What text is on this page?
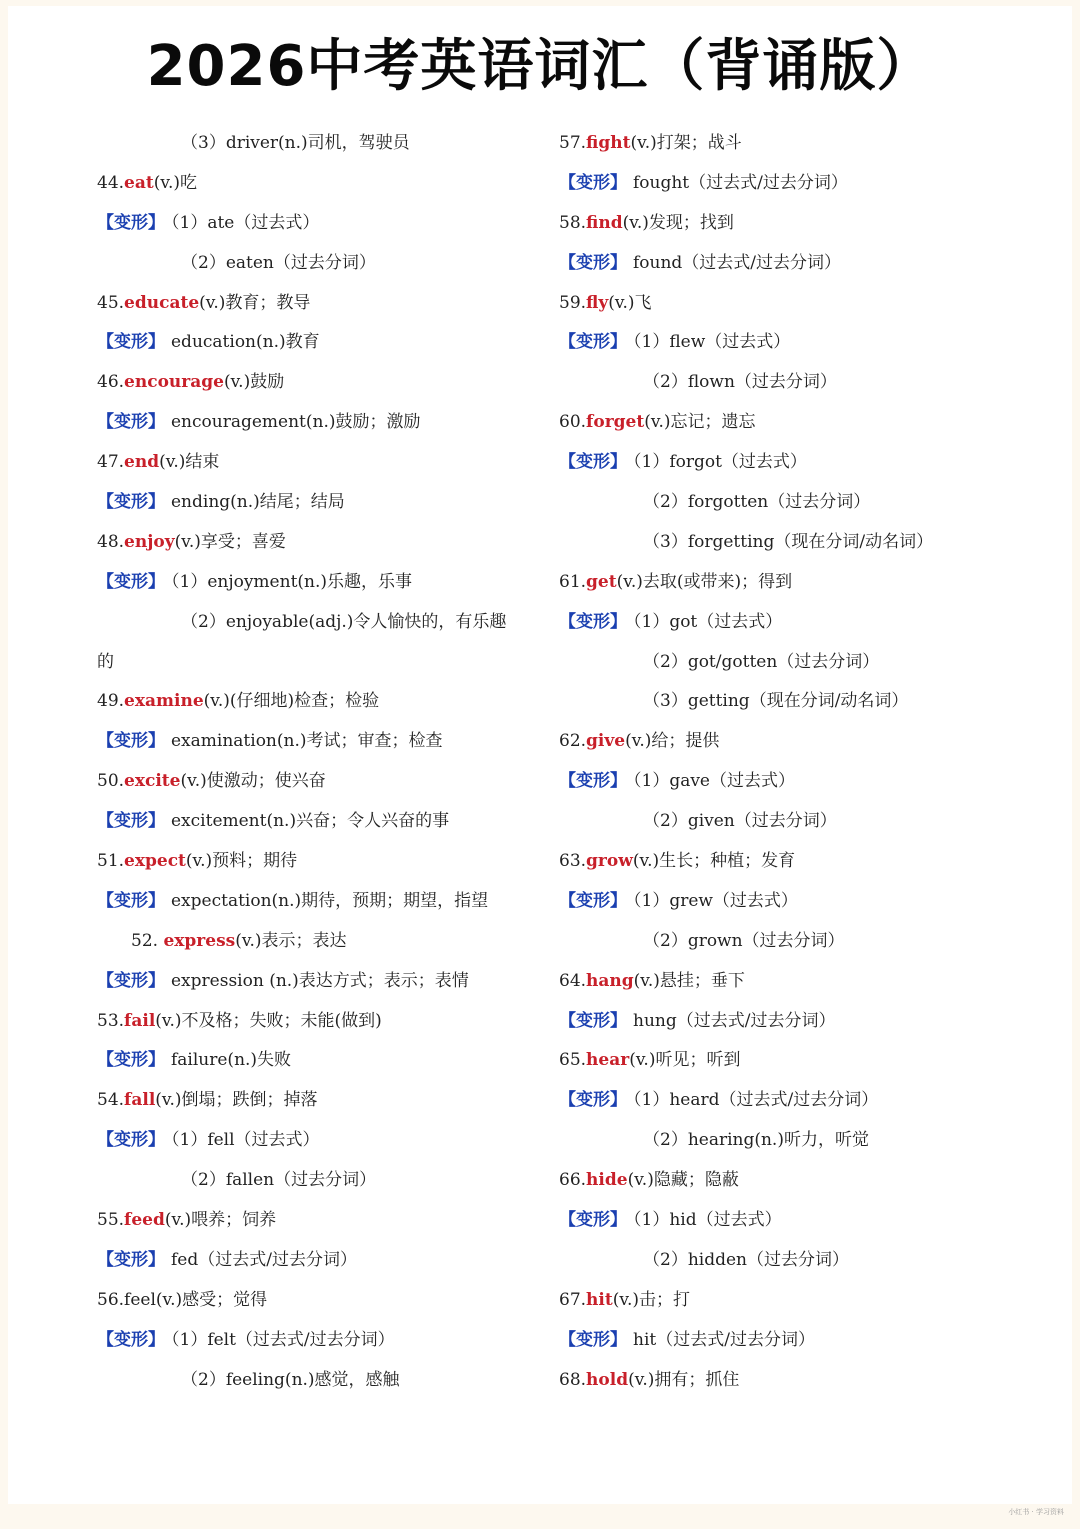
2026中考英语词汇（背诵版）
（3）driver(n.)司机，驾驶员
44.eat(v.)吃
【变形】 （1）ate（过去式）
（2）eaten（过去分词）
45.educate(v.)教育；教导
【变形】 education(n.)教育
46.encourage(v.)鼓励
【变形】 encouragement(n.)鼓励；激励
47.end(v.)结束
【变形】 ending(n.)结尾；结局
48.enjoy(v.)享受；喜爱
【变形】 （1）enjoyment(n.)乐趣，乐事
（2）enjoyable(adj.)令人愉快的，有乐趣
的
49.examine(v.)(仔细地)检查；检验
【变形】 examination(n.)考试；审查；检查
50.excite(v.)使激动；使兴奋
【变形】 excitement(n.)兴奋；令人兴奋的事
51.expect(v.)预料；期待
【变形】 expectation(n.)期待，预期；期望，指望
52. express(v.)表示；表达
【变形】 expression (n.)表达方式；表示；表情
53.fail(v.)不及格；失败；未能(做到)
【变形】 failure(n.)失败
54.fall(v.)倒塌；跌倒；掉落
【变形】 （1）fell（过去式）
（2）fallen（过去分词）
55.feed(v.)喂养；饲养
【变形】 fed（过去式/过去分词）
56.feel(v.)感受；觉得
【变形】 （1）felt（过去式/过去分词）
（2）feeling(n.)感觉，感触
57.fight(v.)打架；战斗
【变形】 fought（过去式/过去分词）
58.find(v.)发现；找到
【变形】 found（过去式/过去分词）
59.fly(v.)飞
【变形】 （1）flew（过去式）
（2）flown（过去分词）
60.forget(v.)忘记；遗忘
【变形】 （1）forgot（过去式）
（2）forgotten（过去分词）
（3）forgetting（现在分词/动名词）
61.get(v.)去取(或带来)；得到
【变形】 （1）got（过去式）
（2）got/gotten（过去分词）
（3）getting（现在分词/动名词）
62.give(v.)给；提供
【变形】 （1）gave（过去式）
（2）given（过去分词）
63.grow(v.)生长；种植；发育
【变形】 （1）grew（过去式）
（2）grown（过去分词）
64.hang(v.)悬挂；垂下
【变形】 hung（过去式/过去分词）
65.hear(v.)听见；听到
【变形】 （1）heard（过去式/过去分词）
（2）hearing(n.)听力，听觉
66.hide(v.)隐藏；隐蔽
【变形】 （1）hid（过去式）
（2）hidden（过去分词）
67.hit(v.)击；打
【变形】 hit（过去式/过去分词）
68.hold(v.)拥有；抓住
小红书 · 学习资料
